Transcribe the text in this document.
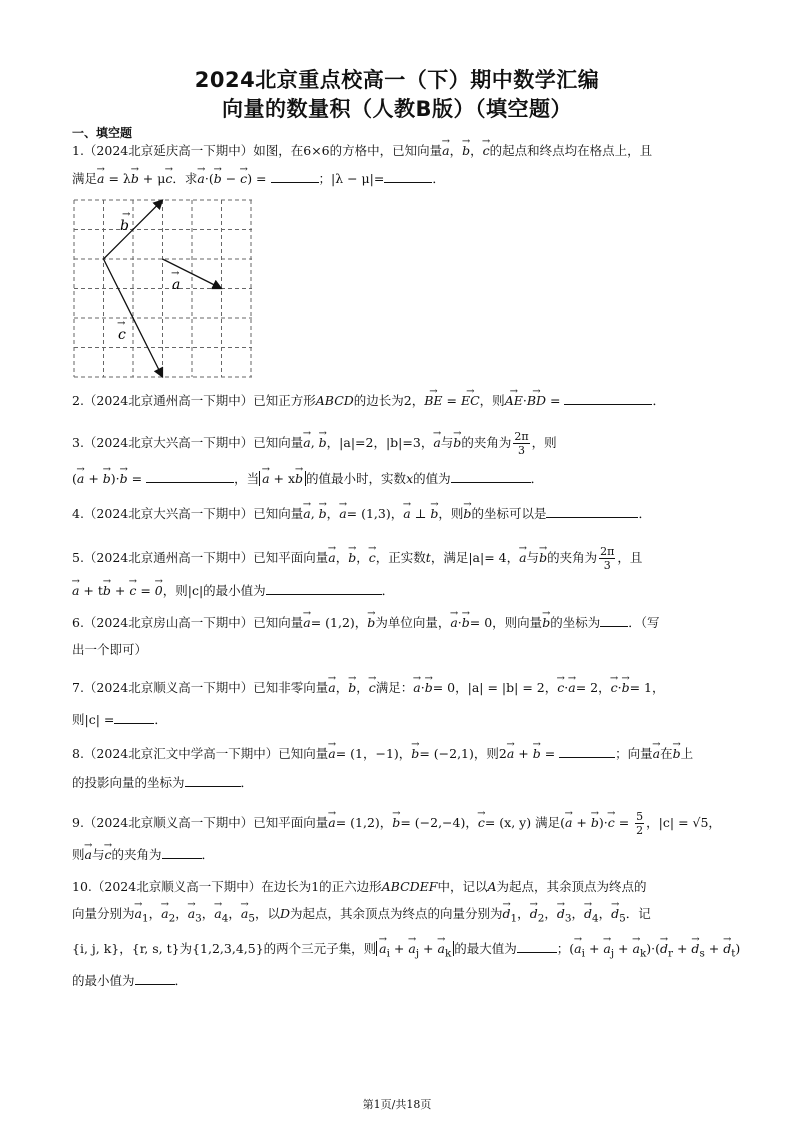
2024北京重点校高一（下）期中数学汇编
向量的数量积（人教B版）（填空题）
一、填空题
1.（2024北京延庆高一下期中）如图，在6×6的方格中，已知向量→ a，→ b，→ c的起点和终点均在格点上，且
满足→ a = λ→ b + μ→ c．求→ a·(→ b − → c) =	；|λ − μ|=	．
b
→
a
→
c
→
2.（2024北京通州高一下期中）已知正方形ABCD的边长为2，→ BE = → EC，则→ AE·→ BD =	．
3.（2024北京大兴高一下期中）已知向量→ a, → b，|a|=2，|b|=3，→ a与→ b的夹角为 $\frac{2\pi}{3}$ ，则
(→ a + → b)·→ b =	，当 → a + x→ b 的值最小时，实数x的值为	．
4.（2024北京大兴高一下期中）已知向量→ a, → b，→ a= (1,3)，→ a ⊥ → b，则→ b的坐标可以是	．
5.（2024北京通州高一下期中）已知平面向量→ a，→ b，→ c，正实数t，满足|a|= 4，→ a与→ b的夹角为 $\frac{2\pi}{3}$ ，且
→ a + t→ b + → c = → 0，则|c|的最小值为	．
6.（2024北京房山高一下期中）已知向量→ a= (1,2)，→ b为单位向量，→ a·→ b= 0，则向量→ b的坐标为 ．（写
出一个即可）
7.（2024北京顺义高一下期中）已知非零向量→ a，→ b，→ c满足：→ a·→ b= 0，|a| = |b| = 2，→ c·→ a= 2，→ c·→ b= 1，
则|c| =	．
8.（2024北京汇文中学高一下期中）已知向量→ a= (1，−1)，→ b= (−2,1)，则2→ a + → b =	；向量→ a在→ b上
的投影向量的坐标为	．
9.（2024北京顺义高一下期中）已知平面向量→ a= (1,2)，→ b= (−2,−4)，→ c= (x, y) 满足(→ a + → $b)\cdot\to c = \frac{5}{2}$ ，|c| = √5，
则→ a与→ c的夹角为	．
10.（2024北京顺义高一下期中）在边长为1的正六边形ABCDEF中，记以A为起点，其余顶点为终点的
向量分别为→ $a_1$，→ $a_2$，→ $a_3$，→ $a_4$，→ $a_5$，以D为起点，其余顶点为终点的向量分别为→ $d_1$，→ $d_2$，→ $d_3$，→ $d_4$，→ $d_5$．记
{i, j, k}，{r, s, t}为{1,2,3,4,5}的两个三元子集，则 → $a_i$ + → $a_j$ + → $a_k$ 的最大值为	；(→ $a_i$ + → $a_j$ + → $a_k)\cdot(\to d_r$ + → $d_s$ + → $d_t$)
的最小值为	．
第1页/共18页
